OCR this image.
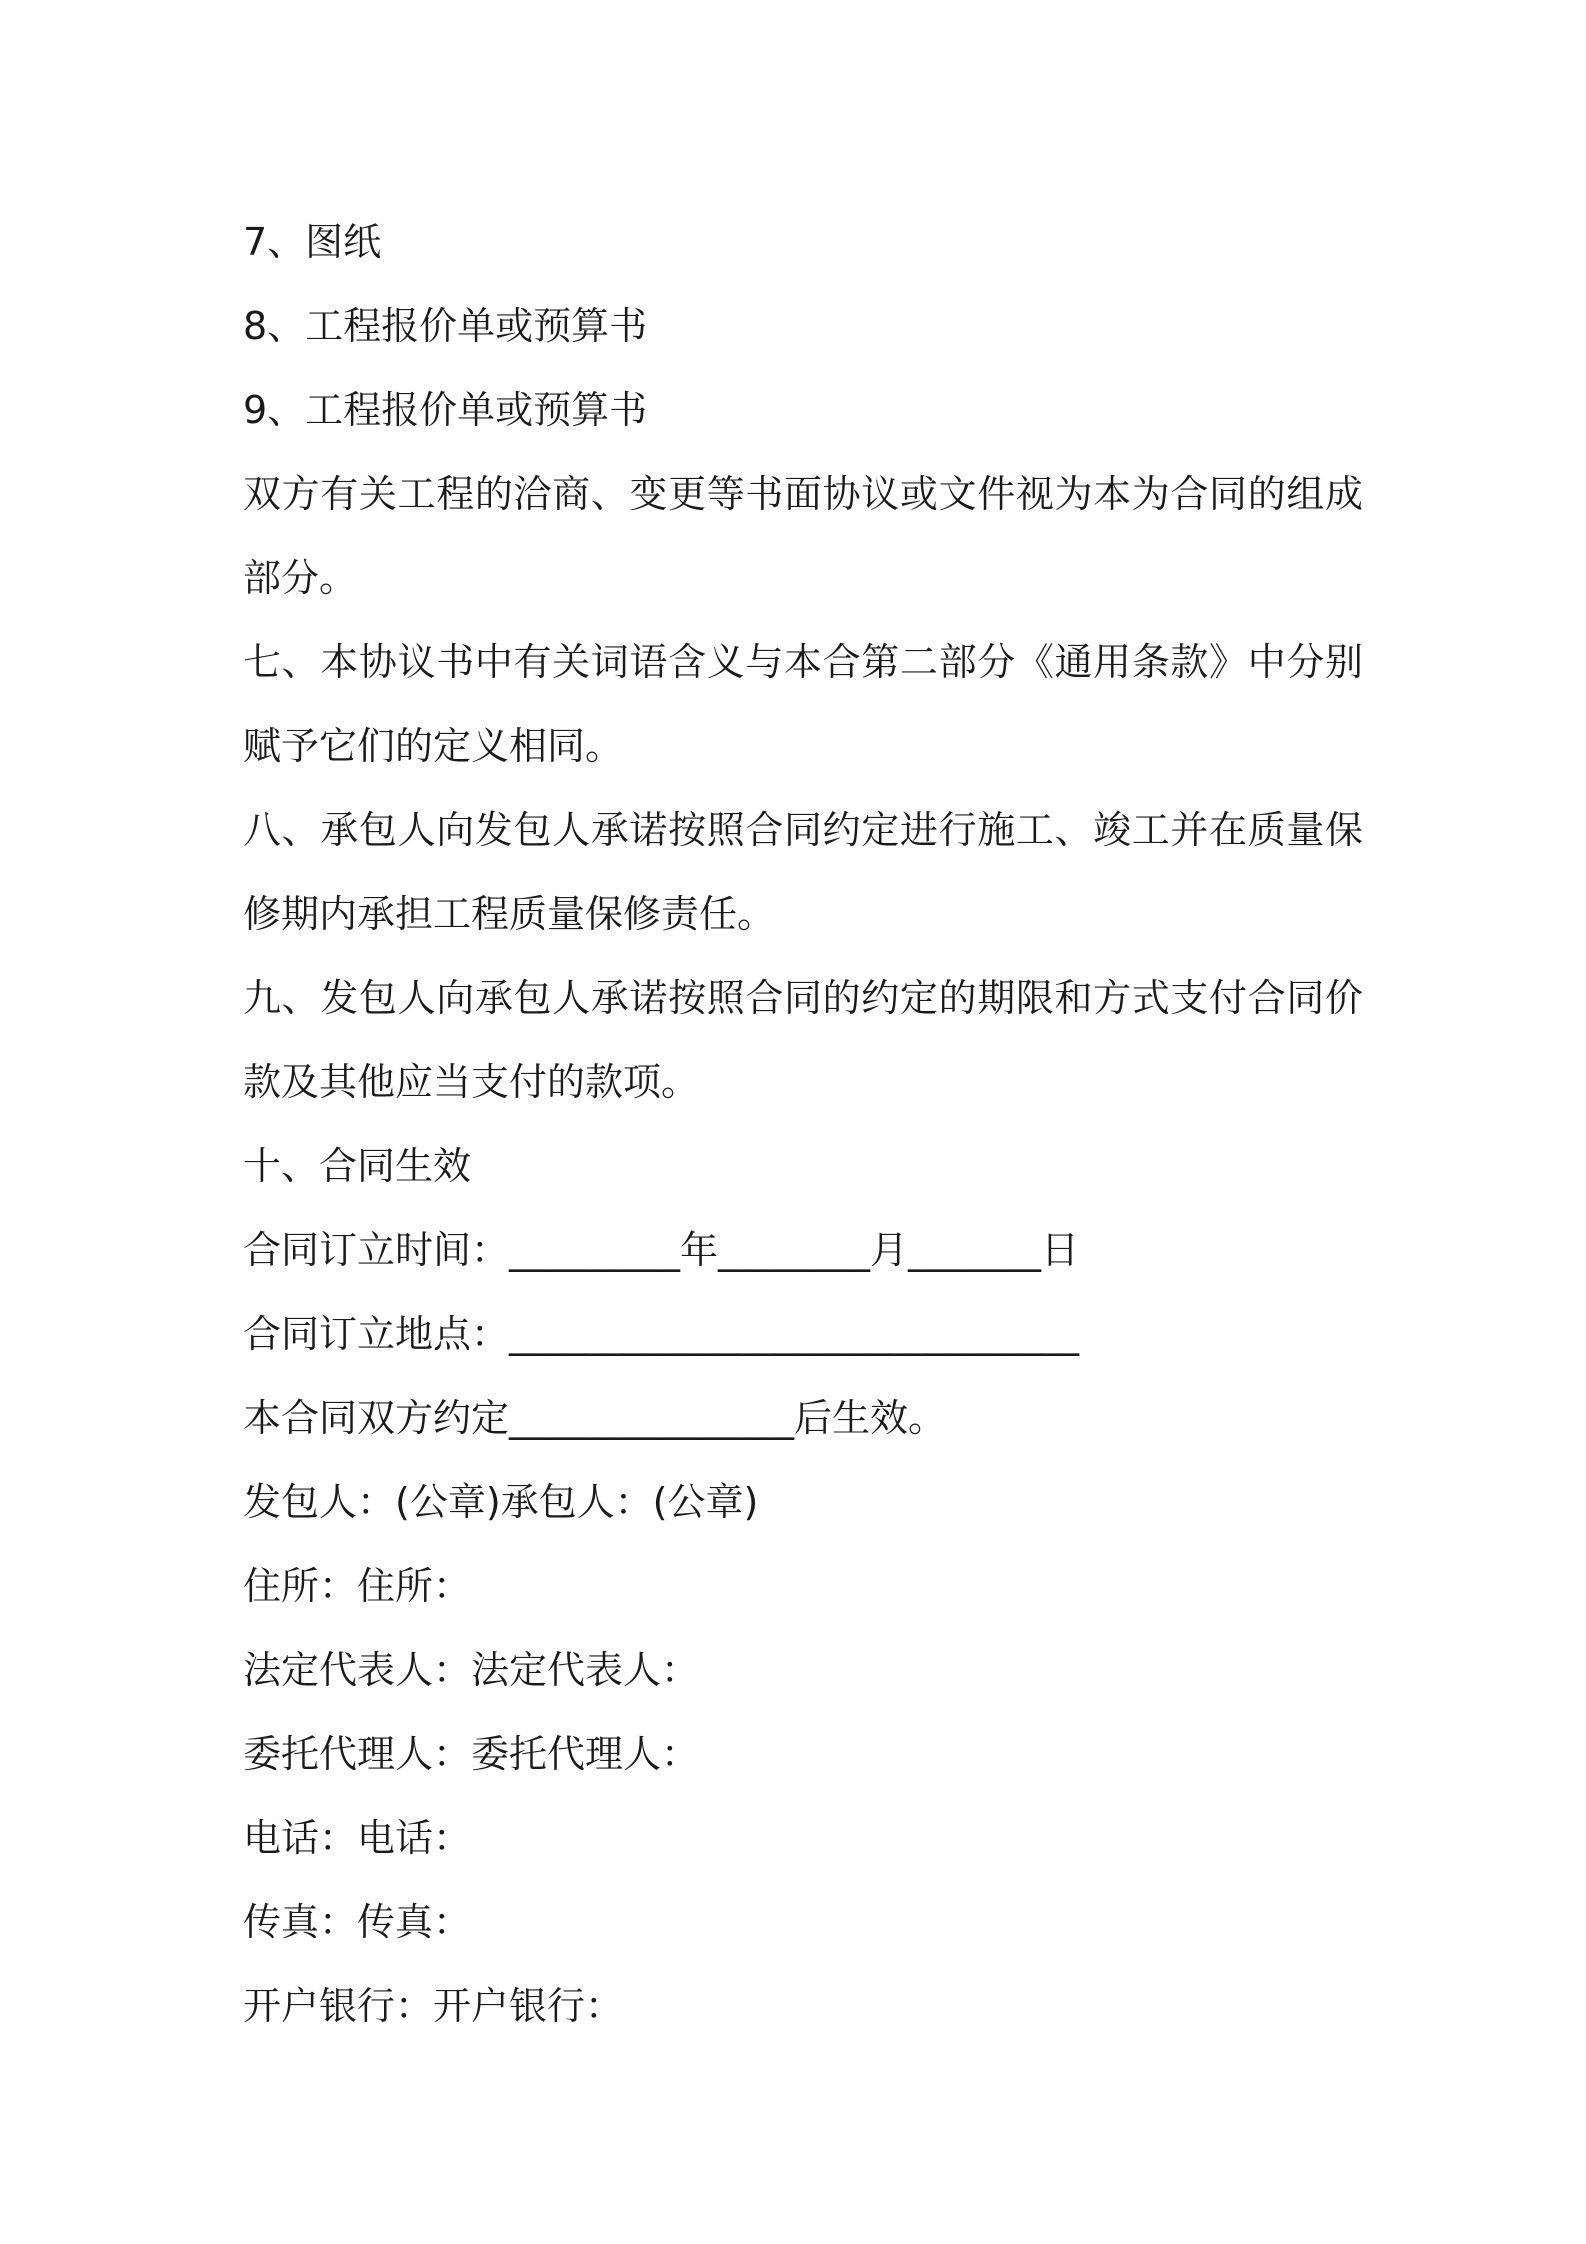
7、图纸
8、工程报价单或预算书
9、工程报价单或预算书
双方有关工程的洽商、变更等书面协议或文件视为本为合同的组成部分。
七、本协议书中有关词语含义与本合第二部分《通用条款》中分别赋予它们的定义相同。
八、承包人向发包人承诺按照合同约定进行施工、竣工并在质量保修期内承担工程质量保修责任。
九、发包人向承包人承诺按照合同的约定的期限和方式支付合同价款及其他应当支付的款项。
十、合同生效
合同订立时间：_________年________月_______日
合同订立地点：______________________________
本合同双方约定_______________后生效。
发包人：(公章)承包人：(公章)
住所：住所：
法定代表人：法定代表人：
委托代理人：委托代理人：
电话：电话：
传真：传真：
开户银行：开户银行：
